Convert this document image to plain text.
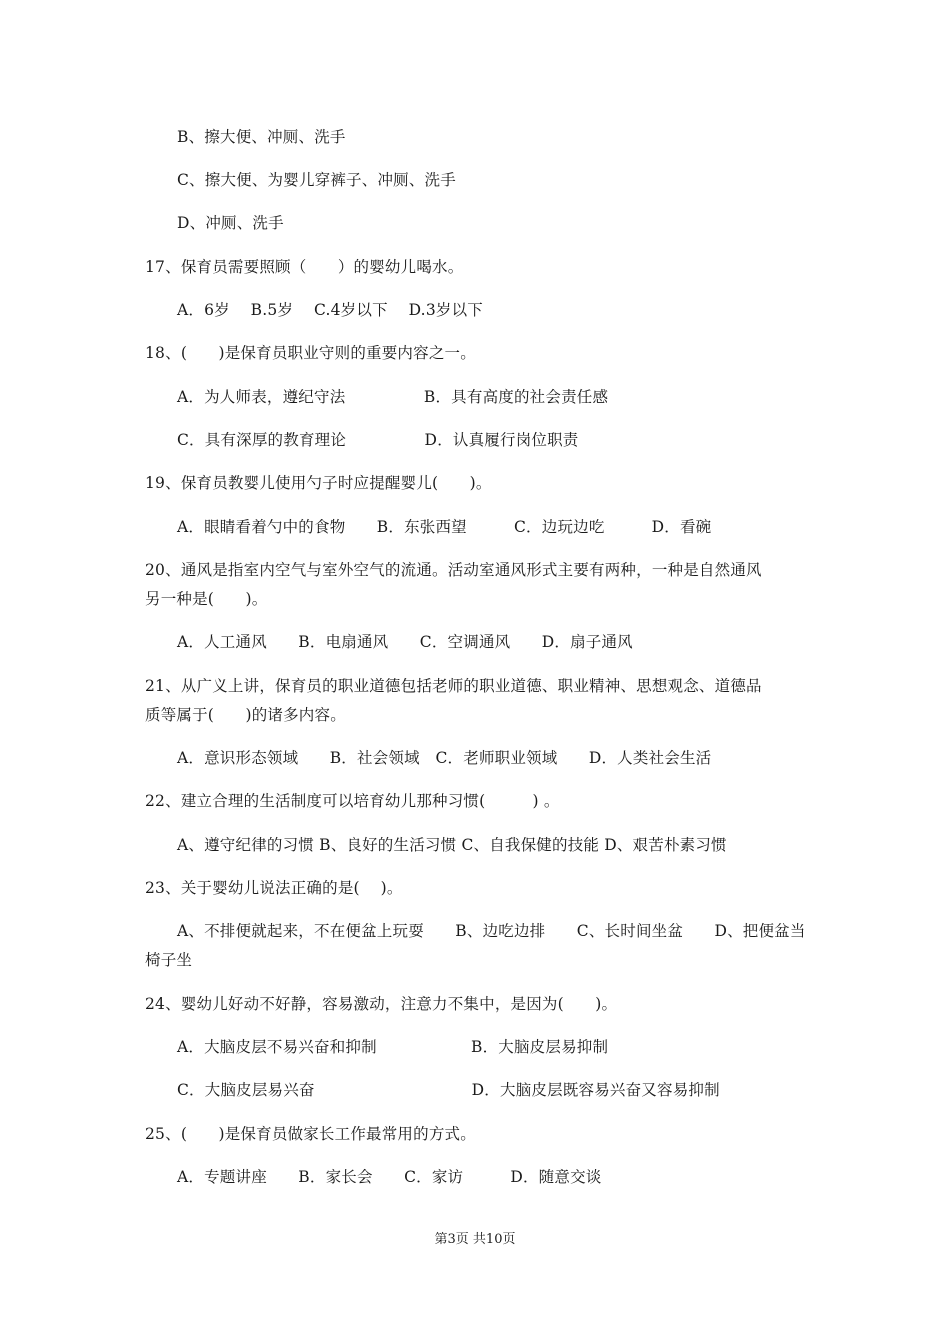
B、擦大便、冲厕、洗手
C、擦大便、为婴儿穿裤子、冲厕、洗手
D、冲厕、洗手
17、保育员需要照顾（　　）的婴幼儿喝水。
A．6岁　 B.5岁　 C.4岁以下　 D.3岁以下
18、(　　)是保育员职业守则的重要内容之一。
A．为人师表，遵纪守法　　　　　B．具有高度的社会责任感
C．具有深厚的教育理论　　　　　D．认真履行岗位职责
19、保育员教婴儿使用勺子时应提醒婴儿(　　)。
A．眼睛看着勺中的食物　　B．东张西望　　　C．边玩边吃　　　D．看碗
20、通风是指室内空气与室外空气的流通。活动室通风形式主要有两种，一种是自然通风
另一种是(　　)。
A．人工通风　　B．电扇通风　　C．空调通风　　D．扇子通风
21、从广义上讲，保育员的职业道德包括老师的职业道德、职业精神、思想观念、道德品
质等属于(　　)的诸多内容。
A．意识形态领域　　B．社会领域　C．老师职业领域　　D．人类社会生活
22、建立合理的生活制度可以培育幼儿那种习惯(　　　) 。
A、遵守纪律的习惯 B、良好的生活习惯 C、自我保健的技能 D、艰苦朴素习惯
23、关于婴幼儿说法正确的是(　 )。
A、不排便就起来，不在便盆上玩耍　　B、边吃边排　　C、长时间坐盆　　D、把便盆当
椅子坐
24、婴幼儿好动不好静，容易激动，注意力不集中，是因为(　　)。
A．大脑皮层不易兴奋和抑制　　　　　　B．大脑皮层易抑制
C．大脑皮层易兴奋　　　　　　　　　　D．大脑皮层既容易兴奋又容易抑制
25、(　　)是保育员做家长工作最常用的方式。
A．专题讲座　　B．家长会　　C．家访　　　D．随意交谈
第3页 共10页
